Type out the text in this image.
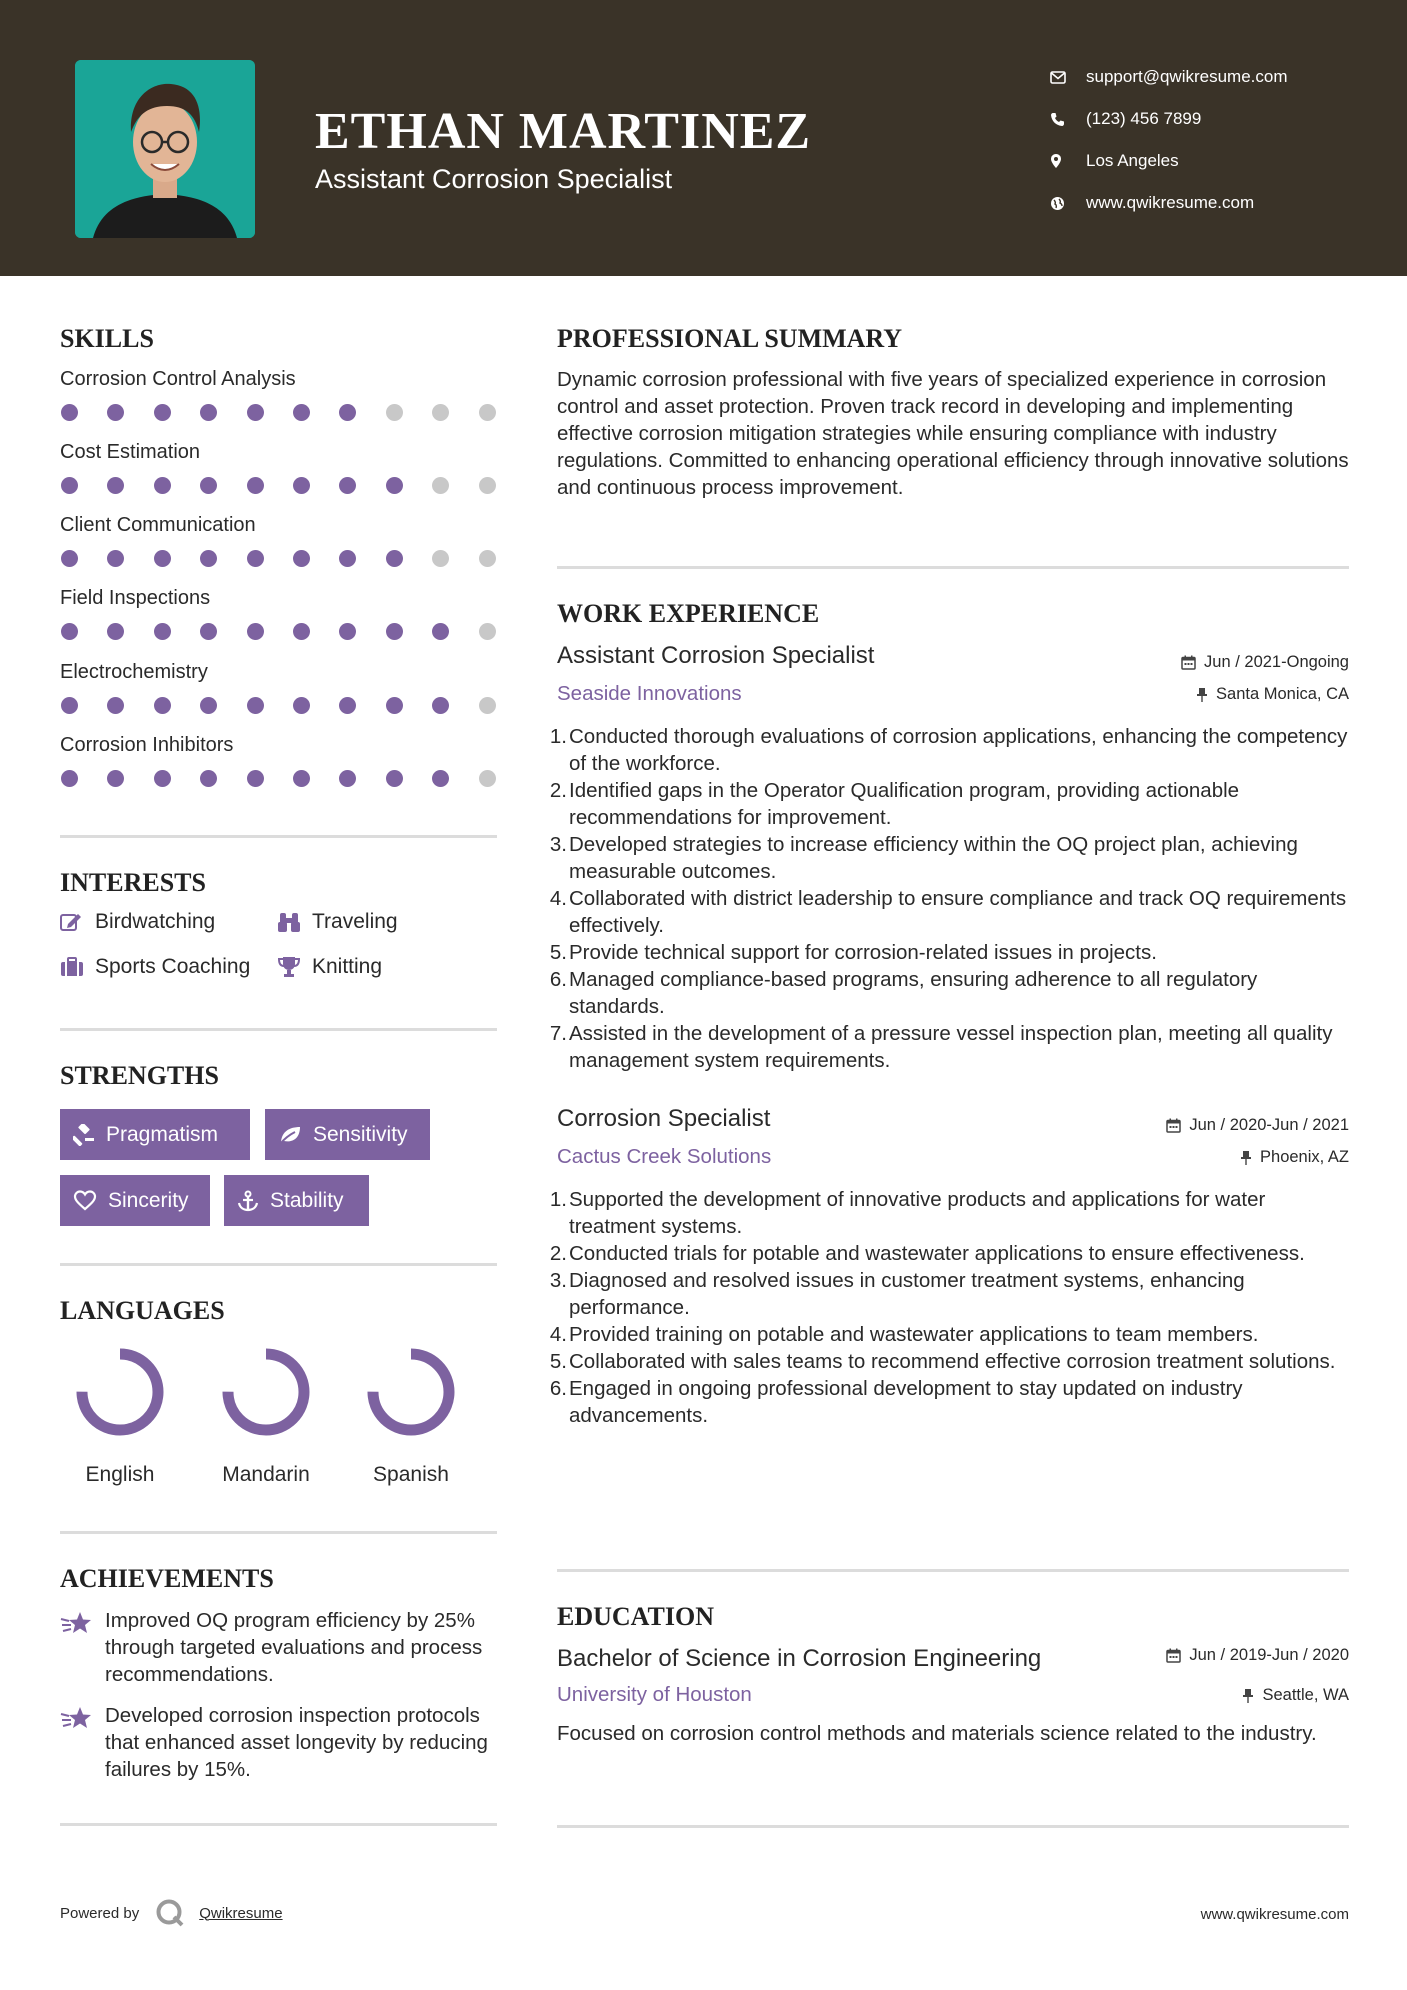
ETHAN MARTINEZ
Assistant Corrosion Specialist
support@qwikresume.com
(123) 456 7899
Los Angeles
www.qwikresume.com
SKILLS
Corrosion Control Analysis
Cost Estimation
Client Communication
Field Inspections
Electrochemistry
Corrosion Inhibitors
INTERESTS
Birdwatching	Traveling
Sports Coaching	Knitting
STRENGTHS
Pragmatism	Sensitivity
Sincerity	Stability
LANGUAGES
English	Mandarin	Spanish
ACHIEVEMENTS
Improved OQ program efficiency by 25% through targeted evaluations and process recommendations.
Developed corrosion inspection protocols that enhanced asset longevity by reducing failures by 15%.
PROFESSIONAL SUMMARY
Dynamic corrosion professional with five years of specialized experience in corrosion control and asset protection. Proven track record in developing and implementing effective corrosion mitigation strategies while ensuring compliance with industry regulations. Committed to enhancing operational efficiency through innovative solutions and continuous process improvement.
WORK EXPERIENCE
Assistant Corrosion Specialist	Jun / 2021-Ongoing
Seaside Innovations	Santa Monica, CA
1. Conducted thorough evaluations of corrosion applications, enhancing the competency of the workforce.
2. Identified gaps in the Operator Qualification program, providing actionable recommendations for improvement.
3. Developed strategies to increase efficiency within the OQ project plan, achieving measurable outcomes.
4. Collaborated with district leadership to ensure compliance and track OQ requirements effectively.
5. Provide technical support for corrosion-related issues in projects.
6. Managed compliance-based programs, ensuring adherence to all regulatory standards.
7. Assisted in the development of a pressure vessel inspection plan, meeting all quality management system requirements.
Corrosion Specialist	Jun / 2020-Jun / 2021
Cactus Creek Solutions	Phoenix, AZ
1. Supported the development of innovative products and applications for water treatment systems.
2. Conducted trials for potable and wastewater applications to ensure effectiveness.
3. Diagnosed and resolved issues in customer treatment systems, enhancing performance.
4. Provided training on potable and wastewater applications to team members.
5. Collaborated with sales teams to recommend effective corrosion treatment solutions.
6. Engaged in ongoing professional development to stay updated on industry advancements.
EDUCATION
Bachelor of Science in Corrosion Engineering	Jun / 2019-Jun / 2020
University of Houston	Seattle, WA
Focused on corrosion control methods and materials science related to the industry.
Powered by	Qwikresume	www.qwikresume.com
